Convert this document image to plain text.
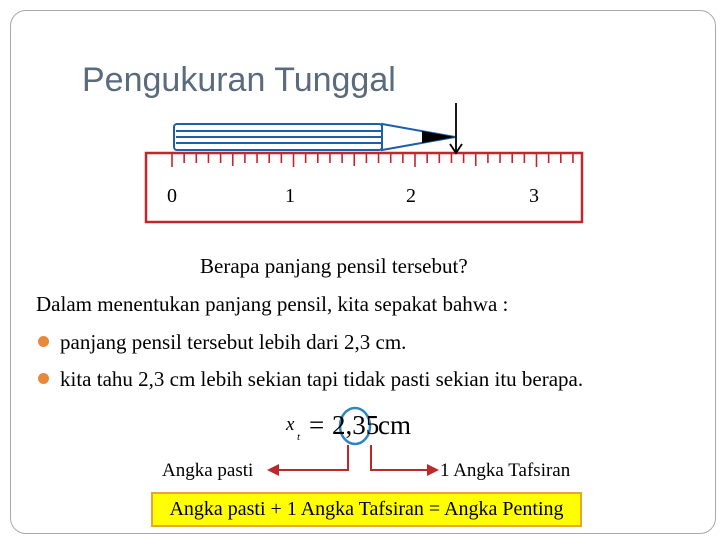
Pengukuran Tunggal
0	1	2	3
Berapa panjang pensil tersebut?
Dalam menentukan panjang pensil, kita sepakat bahwa :
panjang pensil tersebut lebih dari 2,3 cm.
kita tahu 2,3 cm lebih sekian tapi tidak pasti sekian itu berapa.
x
t = 2,35
cm
Angka pasti	1 Angka Tafsiran
Angka pasti + 1 Angka Tafsiran = Angka Penting
